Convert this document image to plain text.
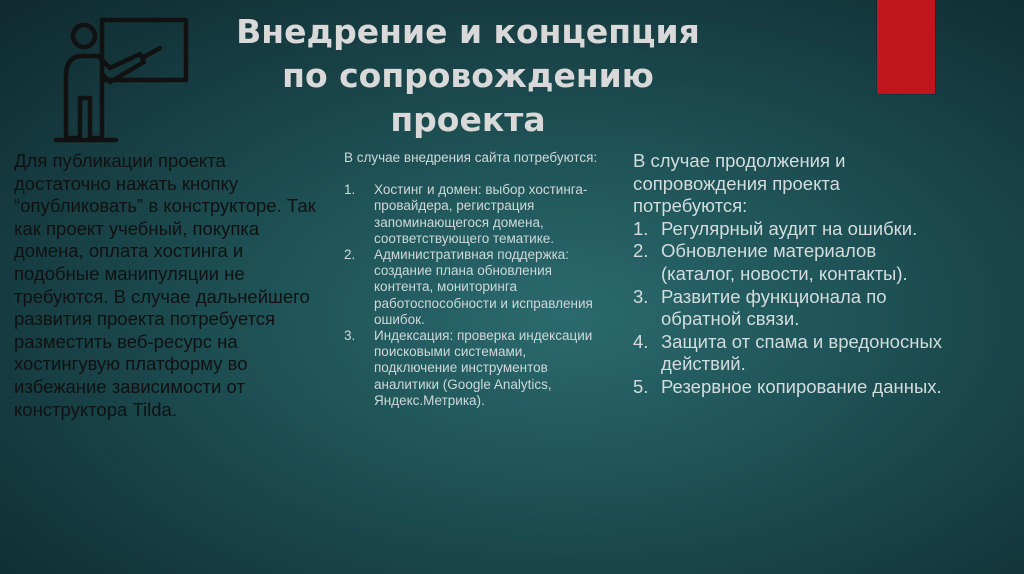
Внедрение и концепция
по сопровождению
проекта
Для публикации проекта достаточно нажать кнопку “опубликовать” в конструкторе. Так как проект учебный, покупка домена, оплата хостинга и подобные манипуляции не требуются. В случае дальнейшего развития проекта потребуется разместить веб-ресурс на хостингувую платформу во избежание зависимости от конструктора Tilda.

В случае внедрения сайта потребуются:

1. Хостинг и домен: выбор хостинга-провайдера, регистрация запоминающегося домена, соответствующего тематике.
2. Административная поддержка: создание плана обновления контента, мониторинга работоспособности и исправления ошибок.
3. Индексация: проверка индексации поисковыми системами, подключение инструментов аналитики (Google Analytics, Яндекс.Метрика).

В случае продолжения и сопровождения проекта потребуются:

1. Регулярный аудит на ошибки.
2. Обновление материалов (каталог, новости, контакты).
3. Развитие функционала по обратной связи.
4. Защита от спама и вредоносных действий.
5. Резервное копирование данных.
